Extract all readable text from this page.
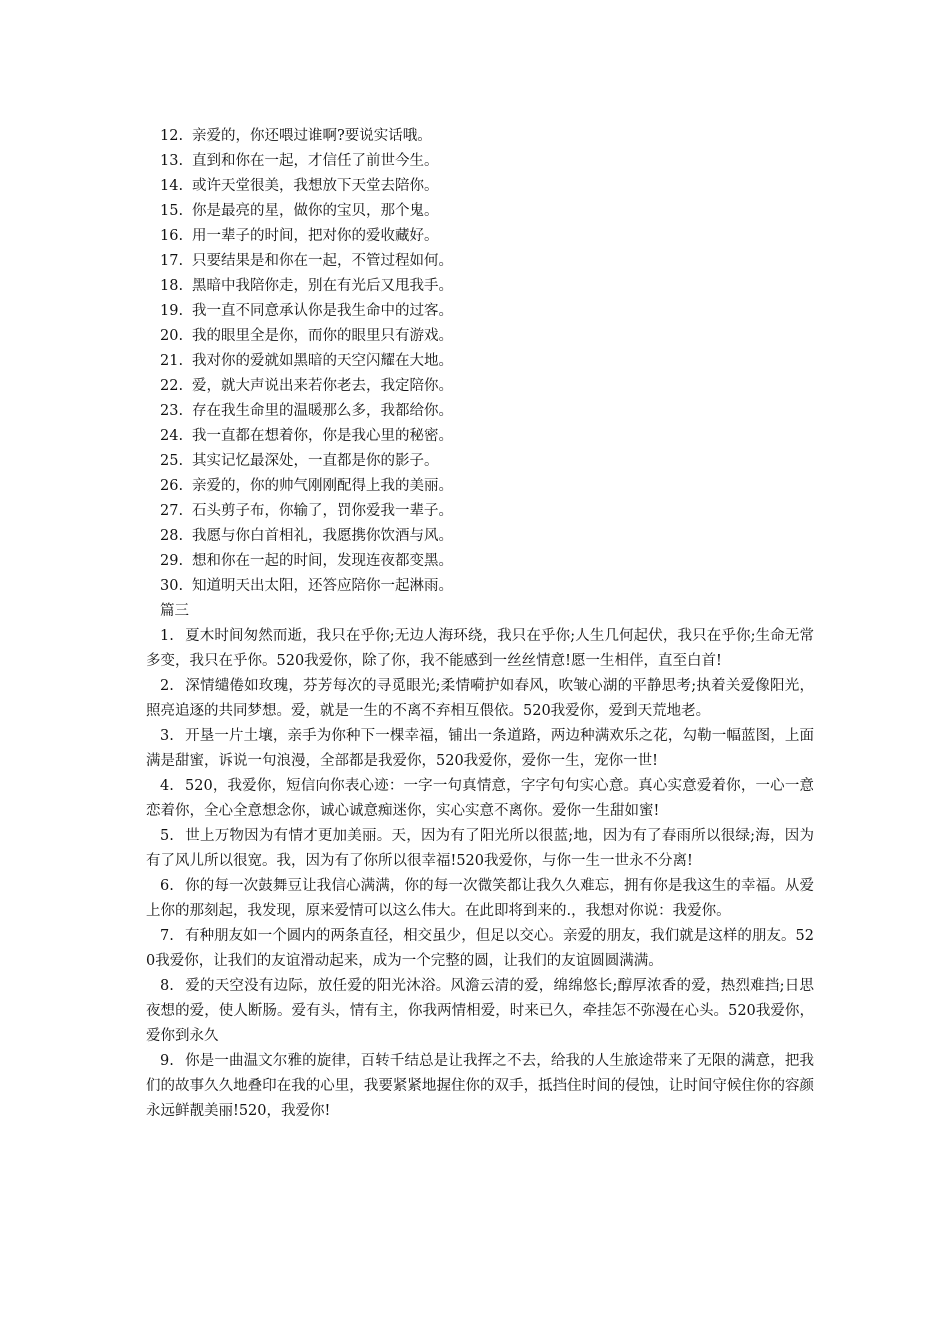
12. 亲爱的，你还喂过谁啊?要说实话哦。
13. 直到和你在一起，才信任了前世今生。
14. 或许天堂很美，我想放下天堂去陪你。
15. 你是最亮的星，做你的宝贝，那个鬼。
16. 用一辈子的时间，把对你的爱收藏好。
17. 只要结果是和你在一起，不管过程如何。
18. 黑暗中我陪你走，别在有光后又甩我手。
19. 我一直不同意承认你是我生命中的过客。
20. 我的眼里全是你，而你的眼里只有游戏。
21. 我对你的爱就如黑暗的天空闪耀在大地。
22. 爱，就大声说出来若你老去，我定陪你。
23. 存在我生命里的温暖那么多，我都给你。
24. 我一直都在想着你，你是我心里的秘密。
25. 其实记忆最深处，一直都是你的影子。
26. 亲爱的，你的帅气刚刚配得上我的美丽。
27. 石头剪子布，你输了，罚你爱我一辈子。
28. 我愿与你白首相礼，我愿携你饮酒与风。
29. 想和你在一起的时间，发现连夜都变黑。
30. 知道明天出太阳，还答应陪你一起淋雨。
篇三

1. 夏木时间匆然而逝，我只在乎你;无边人海环绕，我只在乎你;人生几何起伏，我只在乎你;生命无常多变，我只在乎你。520我爱你，除了你，我不能感到一丝丝情意!愿一生相伴，直至白首!

2. 深情缱倦如玫瑰，芬芳每次的寻觅眼光;柔情嗬护如春风，吹皱心湖的平静思考;执着关爱像阳光，照亮追逐的共同梦想。爱，就是一生的不离不弃相互偎依。520我爱你，爱到天荒地老。

3. 开垦一片土壤，亲手为你种下一棵幸福，铺出一条道路，两边种满欢乐之花，勾勒一幅蓝图，上面满是甜蜜，诉说一句浪漫，全部都是我爱你，520我爱你，爱你一生，宠你一世!

4. 520，我爱你，短信向你表心迹：一字一句真情意，字字句句实心意。真心实意爱着你，一心一意恋着你，全心全意想念你，诚心诚意痴迷你，实心实意不离你。爱你一生甜如蜜!

5. 世上万物因为有情才更加美丽。天，因为有了阳光所以很蓝;地，因为有了春雨所以很绿;海，因为有了风儿所以很宽。我，因为有了你所以很幸福!520我爱你，与你一生一世永不分离!

6. 你的每一次鼓舞豆让我信心满满，你的每一次微笑都让我久久难忘，拥有你是我这生的幸福。从爱上你的那刻起，我发现，原来爱情可以这么伟大。在此即将到来的.，我想对你说：我爱你。

7. 有种朋友如一个圆内的两条直径，相交虽少，但足以交心。亲爱的朋友，我们就是这样的朋友。520我爱你，让我们的友谊滑动起来，成为一个完整的圆，让我们的友谊圆圆满满。

8. 爱的天空没有边际，放任爱的阳光沐浴。风澹云清的爱，绵绵悠长;醇厚浓香的爱，热烈难挡;日思夜想的爱，使人断肠。爱有头，情有主，你我两情相爱，时来已久，牵挂怎不弥漫在心头。520我爱你，爱你到永久

9. 你是一曲温文尔雅的旋律，百转千结总是让我挥之不去，给我的人生旅途带来了无限的满意，把我们的故事久久地叠印在我的心里，我要紧紧地握住你的双手，抵挡住时间的侵蚀，让时间守候住你的容颜永远鲜靓美丽!520，我爱你!
